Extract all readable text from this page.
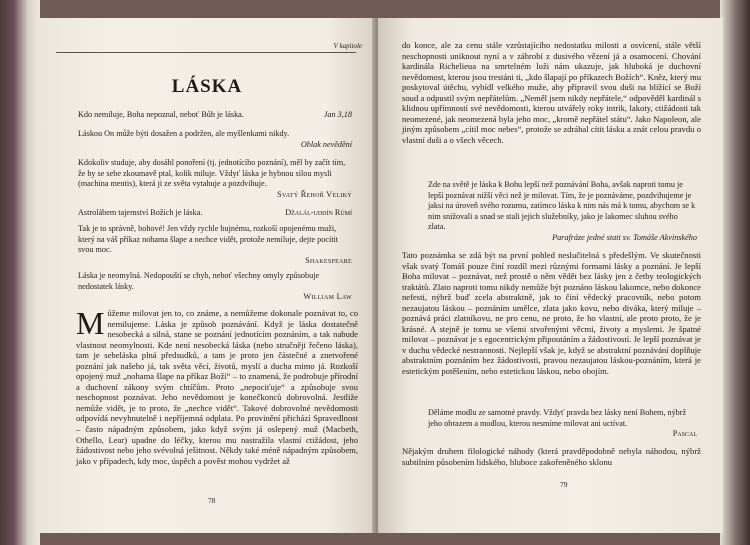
V kapitole
LÁSKA
Jan 3,18
Kdo nemiluje, Boha nepoznal, neboť Bůh je láska.
Láskou On může býti dosažen a podržen, ale myšlenkami nikdy.
Oblak nevědění
Kdokoliv studuje, aby dosáhl ponoření (tj. jednotícího poznání), měl by začít tím, že by se sebe zkoumavě ptal, kolik miluje. Vždyť láska je hybnou silou mysli (machina mentis), která ji ze světa vytahuje a pozdvihuje.
Svatý Řehoř Veliký
Džalál-uddín Rúmí
Astrolábem tajemství Božích je láska.
Tak je to správně, bohové! Jen vždy rychle bujnému, rozkoší opojenému muži, který na váš příkaz nohama šlape a nechce vidět, protože nemiluje, dejte pocítit svou moc.
Shakespeare
Láska je neomylná. Nedopouští se chyb, neboť všechny omyly způsobuje nedostatek lásky.
William Law
M ůžeme milovat jen to, co známe, a nemůžeme dokonale poznávat to, co nemilujeme. Láska je způsob poznávání. Když je láska dostatečně nesobecká a silná, stane se poznání jednotícím poznáním, a tak nabude vlastnost neomylnosti. Kde není nesobecká láska (nebo stručněji řečeno láska), tam je sebeláska plná předsudků, a tam je proto jen částečné a znetvořené poznání jak našeho já, tak světa věcí, životů, myslí a ducha mimo já. Rozkoší opojený muž „nohama šlape na příkaz Boží“ – to znamená, že podrobuje přírodní a duchovní zákony svým chtíčům. Proto „nepociťuje“ a způsobuje svou neschopnost poznávat. Jeho nevědomost je konečkonců dobrovolná. Jestliže nemůže vidět, je to proto, že „nechce vidět“. Takové dobrovolné nevědomosti odpovídá nevyhnutelně i nepříjemná odplata. Po provinění přichází Spravedlnost – často nápadným způsobem, jako když svým já oslepený muž (Macbeth, Othello, Lear) upadne do léčky, kterou mu nastražila vlastní ctižádost, jeho žádostivost nebo jeho svévolná ješitnost. Někdy také méně nápadným způsobem, jako v případech, kdy moc, úspěch a pověst mohou vydržet až
78
do konce, ale za cenu stále vzrůstajícího nedostatku milosti a osvícení, stále větší neschopnosti uniknout nyní a v záhrobí z dusivého vězení já a osamocení. Chování kardinála Richelieua na smrtelném loži nám ukazuje, jak hluboká je duchovní nevědomost, kterou jsou trestáni ti, „kdo šlapají po příkazech Božích“. Kněz, který mu poskytoval útěchu, vybídl velkého muže, aby připravil svou duši na blížící se Boží soud a odpustil svým nepřátelům. „Neměl jsem nikdy nepřátele,“ odpověděl kardinál s klidnou upřímností své nevědomosti, kterou utvářely roky intrik, lakoty, ctižádosti tak neomezené, jak neomezená byla jeho moc, „kromě nepřátel státu“. Jako Napoleon, ale jiným způsobem „cítil moc nebes“, protože se zdráhal cítit lásku a znát celou pravdu o vlastní duši a o všech věcech.
Zde na světě je láska k Bohu lepší než poznávání Boha, avšak naproti tomu je lepší poznávat nižší věci než je milovat. Tím, že je poznáváme, pozdvihujeme je jaksi na úroveň svého rozumu, zatímco láska k nim nás má k tomu, abychom se k nim snižovali a snad se stali jejich služebníky, jako je lakomec sluhou svého zlata.
Parafráze jedné stati sv. Tomáše Akvinského
Tato poznámka se zdá být na první pohled neslučitelná s předešlým. Ve skutečnosti však svatý Tomáš pouze činí rozdíl mezi různými formami lásky a poznání. Je lepší Boha milovat – poznávat, než prostě o něm vědět bez lásky jen z četby teologických traktátů. Zlato naproti tomu nikdy nemůže být poznáno láskou lakomce, nebo dokonce nefesti, nýbrž buď zcela abstraktně, jak to činí vědecký pracovník, nebo potom nezaujatou láskou – poznáním umělce, zlata jako kovu, nebo diváka, který miluje – poznává práci zlatníkovu, ne pro cenu, ne proto, že ho vlastní, ale proto proto, že je krásné. A stejně je tomu se všemi stvořenými věcmi, životy a myslemi. Je špatné milovat – poznávat je s egocentrickým připoutáním a žádostivostí. Je lepší poznávat je v duchu vědecké nestrannosti. Nejlepší však je, když se abstraktní poznávání doplňuje abstraktním poznáním bez žádostivosti, pravou nezaujatou láskou-poznáním, která je estetickým potěšením, nebo estetickou láskou, nebo obojím.
Děláme modlu ze samotné pravdy. Vždyť pravda bez lásky není Bohem, nýbrž jeho obrazem a modlou, kterou nesmíme milovat ani uctívat.
Pascal
Nějakým druhem filologické náhody (která pravděpodobně nebyla náhodou, nýbrž subtilním působením lidského, hluboce zakořeněného sklonu
79
